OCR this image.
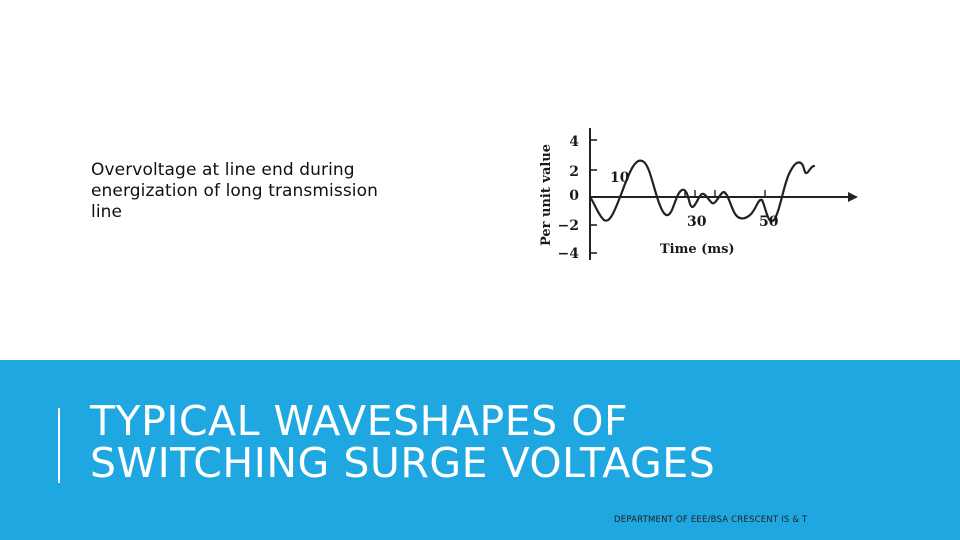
Overvoltage at line end during
energization of long transmission
line	Per unit value
4
2
0
−2
−4
10
30	50
Time (ms)
TYPICAL WAVESHAPES OF
SWITCHING SURGE VOLTAGES
DEPARTMENT OF EEE/BSA CRESCENT IS & T
